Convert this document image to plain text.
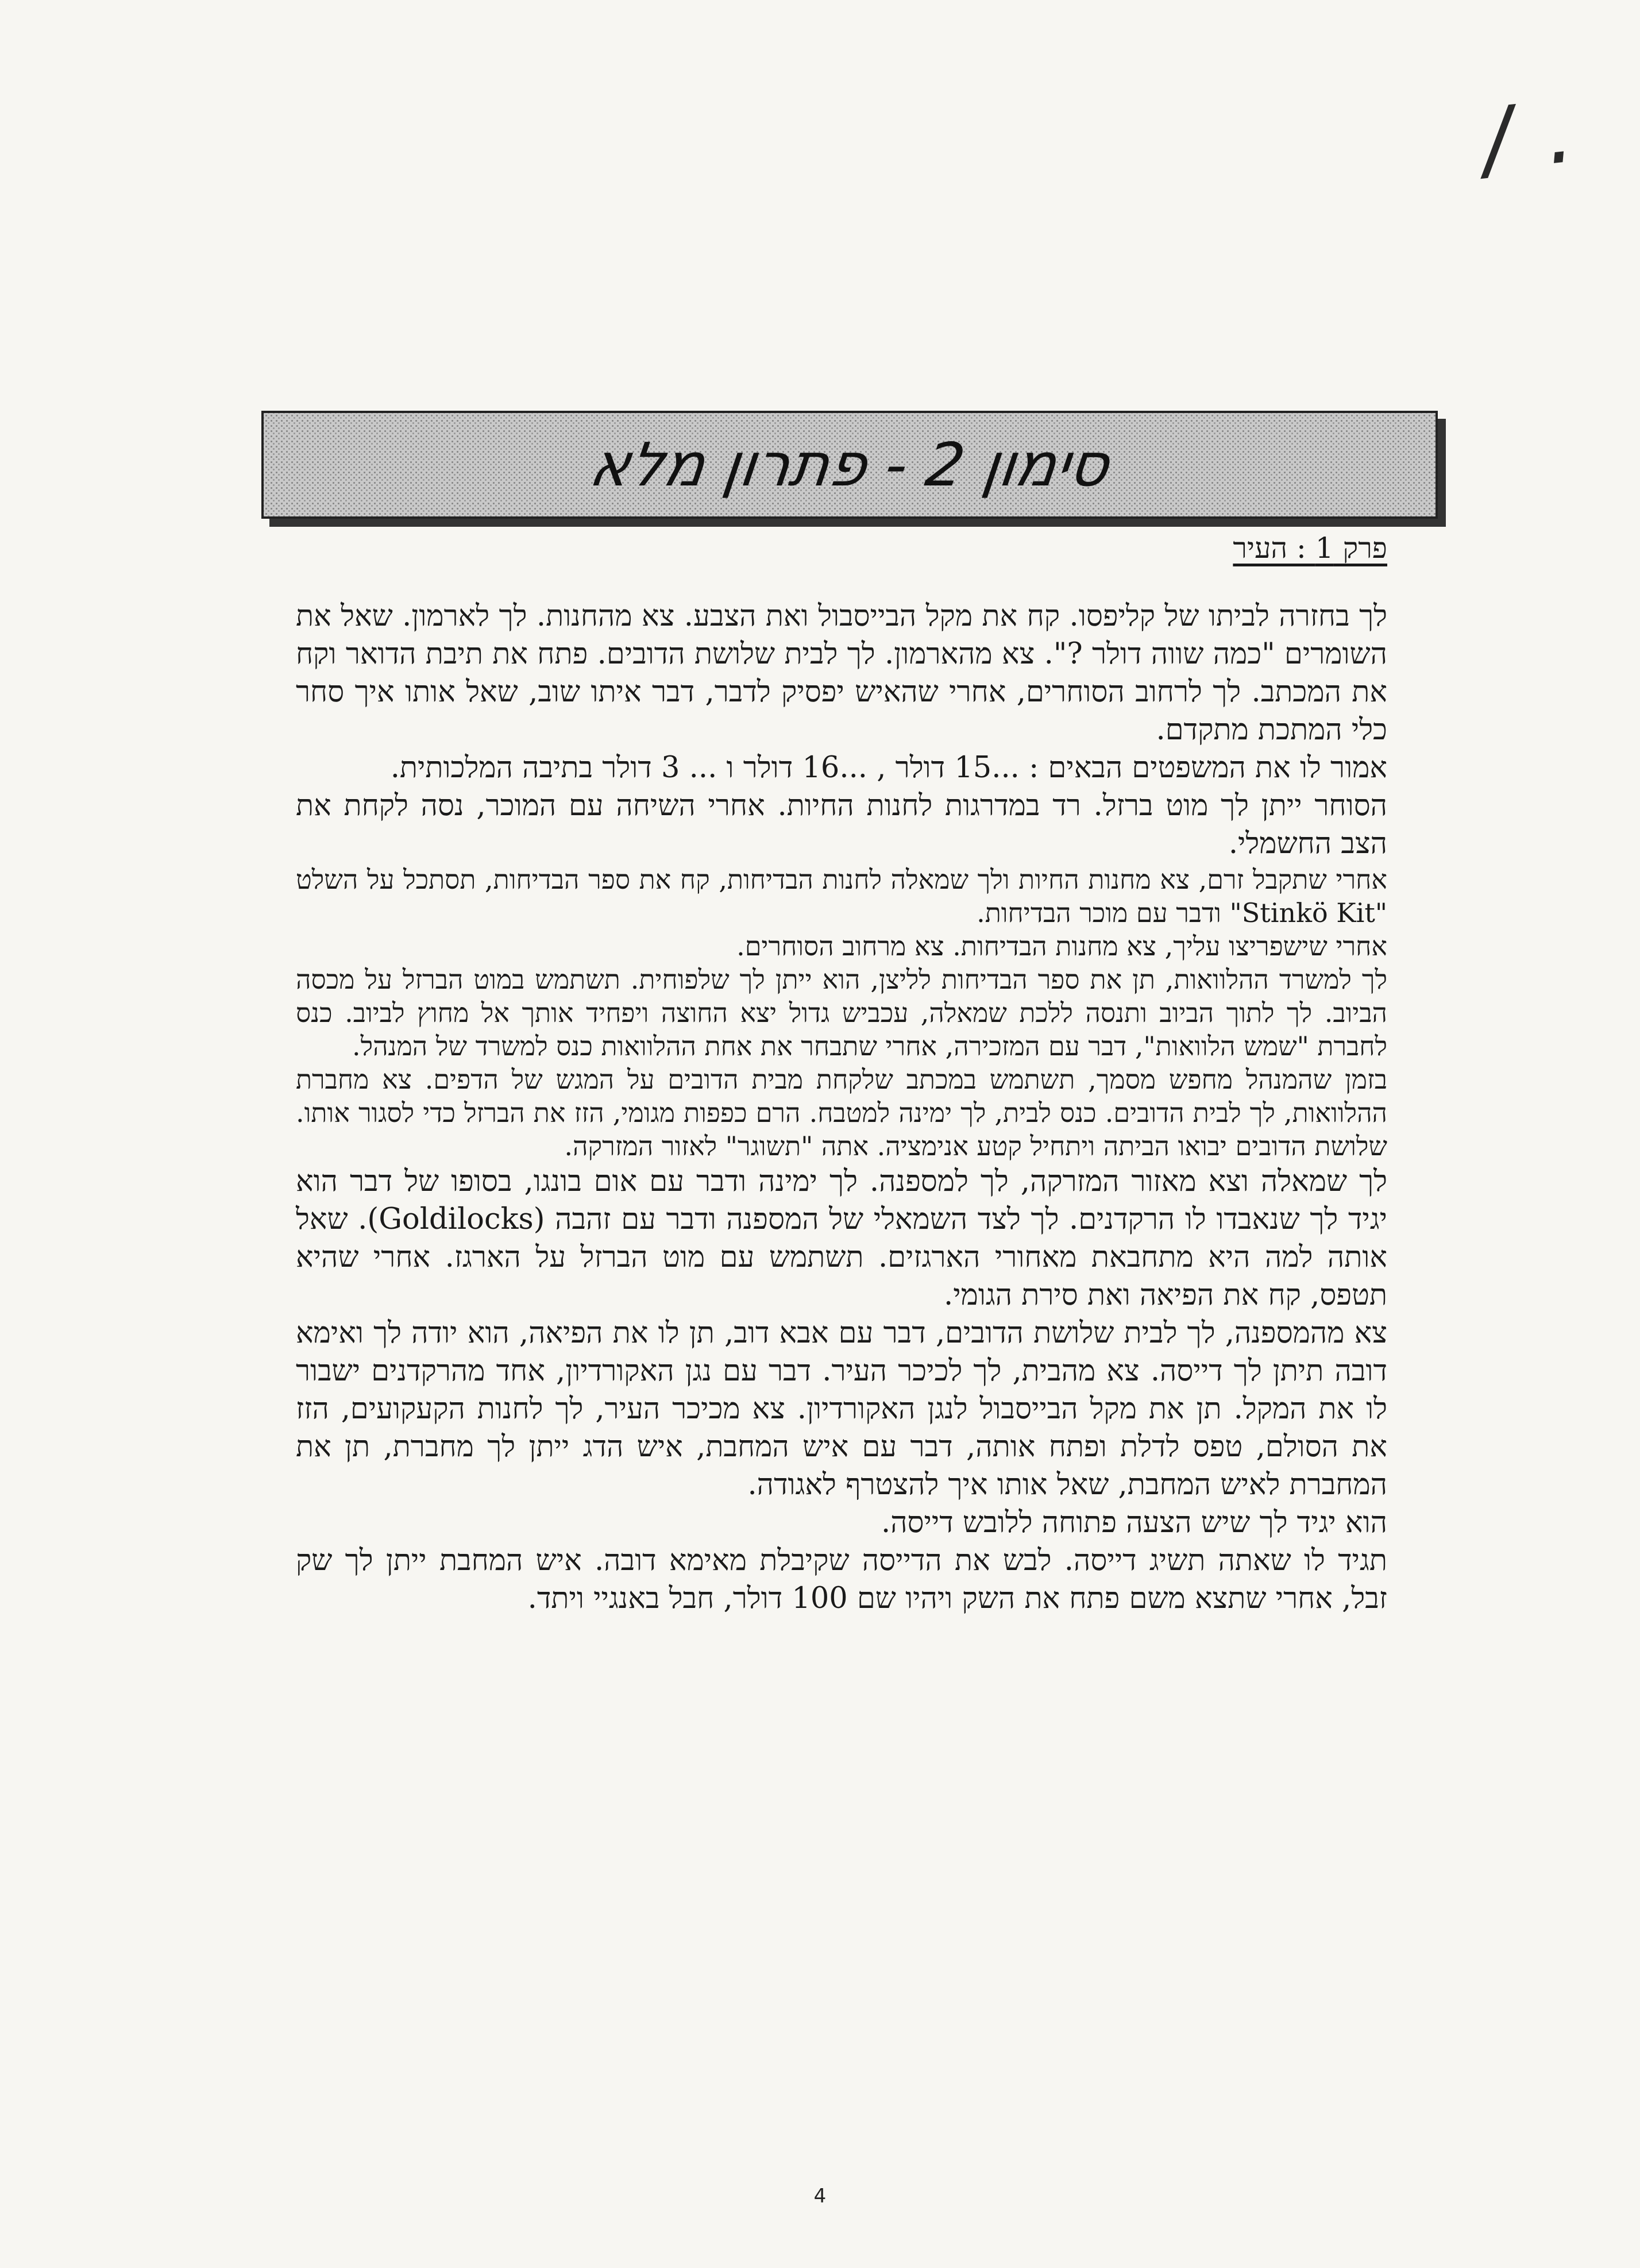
/ .
סימון 2 - פתרון מלא
פרק 1 : העיר

לך בחזרה לביתו של קליפסו. קח את מקל הבייסבול ואת הצבע. צא מהחנות. לך לארמון. שאל את השומרים "כמה שווה דולר ?". צא מהארמון. לך לבית שלושת הדובים. פתח את תיבת הדואר וקח את המכתב. לך לרחוב הסוחרים, אחרי שהאיש יפסיק לדבר, דבר איתו שוב, שאל אותו איך סחר כלי המתכת מתקדם.

אמור לו את המשפטים הבאים : ...15 דולר , ...16 דולר ו ... 3 דולר בתיבה המלכותית.

הסוחר ייתן לך מוט ברזל. רד במדרגות לחנות החיות. אחרי השיחה עם המוכר, נסה לקחת את הצב החשמלי.

אחרי שתקבל זרם, צא מחנות החיות ולך שמאלה לחנות הבדיחות, קח את ספר הבדיחות, תסתכל על השלט "Stinkö Kit" ודבר עם מוכר הבדיחות.

אחרי שישפריצו עליך, צא מחנות הבדיחות. צא מרחוב הסוחרים.

לך למשרד ההלוואות, תן את ספר הבדיחות לליצן, הוא ייתן לך שלפוחית. תשתמש במוט הברזל על מכסה הביוב. לך לתוך הביוב ותנסה ללכת שמאלה, עכביש גדול יצא החוצה ויפחיד אותך אל מחוץ לביוב. כנס לחברת "שמש הלוואות", דבר עם המזכירה, אחרי שתבחר את אחת ההלוואות כנס למשרד של המנהל.

בזמן שהמנהל מחפש מסמך, תשתמש במכתב שלקחת מבית הדובים על המגש של הדפים. צא מחברת ההלוואות, לך לבית הדובים. כנס לבית, לך ימינה למטבח. הרם כפפות מגומי, הזז את הברזל כדי לסגור אותו. שלושת הדובים יבואו הביתה ויתחיל קטע אנימציה. אתה "תשוגר" לאזור המזרקה.

לך שמאלה וצא מאזור המזרקה, לך למספנה. לך ימינה ודבר עם אום בונגו, בסופו של דבר הוא יגיד לך שנאבדו לו הרקדנים. לך לצד השמאלי של המספנה ודבר עם זהבה (Goldilocks). שאל אותה למה היא מתחבאת מאחורי הארגזים. תשתמש עם מוט הברזל על הארגז. אחרי שהיא תטפס, קח את הפיאה ואת סירת הגומי.

צא מהמספנה, לך לבית שלושת הדובים, דבר עם אבא דוב, תן לו את הפיאה, הוא יודה לך ואימא דובה תיתן לך דייסה. צא מהבית, לך לכיכר העיר. דבר עם נגן האקורדיון, אחד מהרקדנים ישבור לו את המקל. תן את מקל הבייסבול לנגן האקורדיון. צא מכיכר העיר, לך לחנות הקעקועים, הזז את הסולם, טפס לדלת ופתח אותה, דבר עם איש המחבת, איש הדג ייתן לך מחברת, תן את המחברת לאיש המחבת, שאל אותו איך להצטרף לאגודה.

הוא יגיד לך שיש הצעה פתוחה ללובש דייסה.

תגיד לו שאתה תשיג דייסה. לבש את הדייסה שקיבלת מאימא דובה. איש המחבת ייתן לך שק זבל, אחרי שתצא משם פתח את השק ויהיו שם 100 דולר, חבל באנגיי ויתד.

4
